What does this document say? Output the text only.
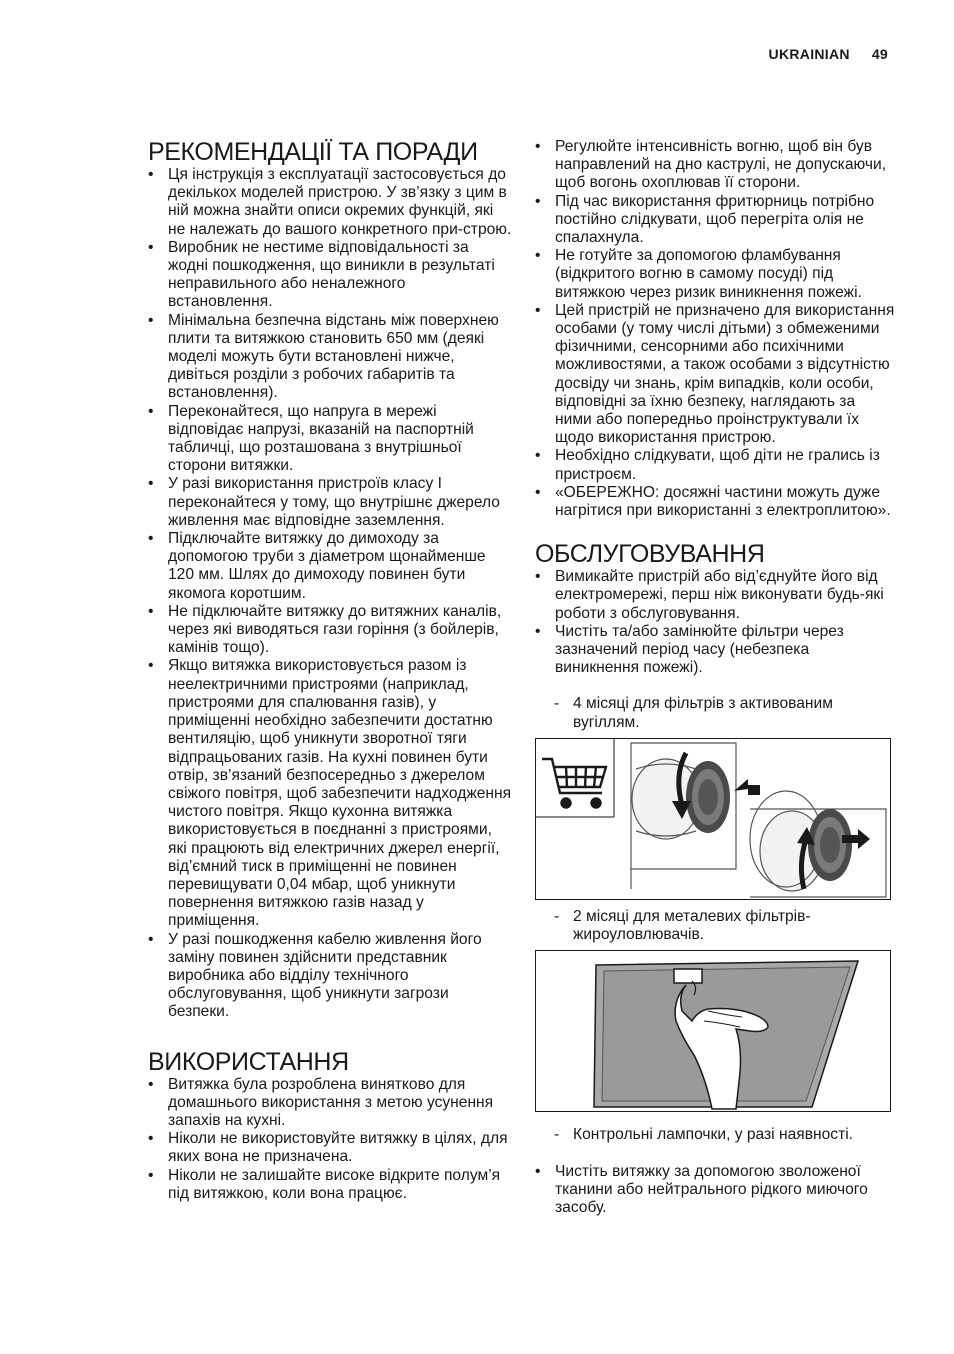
UKRAINIAN 49
РЕКОМЕНДАЦІЇ ТА ПОРАДИ
• Ця інструкція з експлуатації застосовується до декількох моделей пристрою. У зв’язку з цим в ній можна знайти описи окремих функцій, які не належать до вашого конкретного при-строю.
• Виробник не нестиме відповідальності за жодні пошкодження, що виникли в результаті неправильного або неналежного встановлення.
• Мінімальна безпечна відстань між поверхнею плити та витяжкою становить 650 мм (деякі моделі можуть бути встановлені нижче, дивіться розділи з робочих габаритів та встановлення).
• Переконайтеся, що напруга в мережі відповідає напрузі, вказаній на паспортній табличці, що розташована з внутрішньої сторони витяжки.
• У разі використання пристроїв класу I переконайтеся у тому, що внутрішнє джерело живлення має відповідне заземлення.
• Підключайте витяжку до димоходу за допомогою труби з діаметром щонайменше 120 мм. Шлях до димоходу повинен бути якомога коротшим.
• Не підключайте витяжку до витяжних каналів, через які виводяться гази горіння (з бойлерів, камінів тощо).
• Якщо витяжка використовується разом із неелектричними пристроями (наприклад, пристроями для спалювання газів), у приміщенні необхідно забезпечити достатню вентиляцію, щоб уникнути зворотної тяги відпрацьованих газів. На кухні повинен бути отвір, зв’язаний безпосередньо з джерелом свіжого повітря, щоб забезпечити надходження чистого повітря. Якщо кухонна витяжка використовується в поєднанні з пристроями, які працюють від електричних джерел енергії, від’ємний тиск в приміщенні не повинен перевищувати 0,04 мбар, щоб уникнути повернення витяжкою газів назад у приміщення.
• У разі пошкодження кабелю живлення його заміну повинен здійснити представник виробника або відділу технічного обслуговування, щоб уникнути загрози безпеки.
ВИКОРИСТАННЯ
• Витяжка була розроблена винятково для домашнього використання з метою усунення запахів на кухні.
• Ніколи не використовуйте витяжку в цілях, для яких вона не призначена.
• Ніколи не залишайте високе відкрите полум’я під витяжкою, коли вона працює.
• Регулюйте інтенсивність вогню, щоб він був направлений на дно каструлі, не допускаючи, щоб вогонь охоплював її сторони.
• Під час використання фритюрниць потрібно постійно слідкувати, щоб перегріта олія не спалахнула.
• Не готуйте за допомогою фламбування (відкритого вогню в самому посуді) під витяжкою через ризик виникнення пожежі.
• Цей пристрій не призначено для використання особами (у тому числі дітьми) з обмеженими фізичними, сенсорними або психічними можливостями, а також особами з відсутністю досвіду чи знань, крім випадків, коли особи, відповідні за їхню безпеку, наглядають за ними або попередньо проінструктували їх щодо використання пристрою.
• Необхідно слідкувати, щоб діти не грались із пристроєм.
• «ОБЕРЕЖНО: досяжні частини можуть дуже нагрітися при використанні з електроплитою».
ОБСЛУГОВУВАННЯ
• Вимикайте пристрій або від’єднуйте його від електромережі, перш ніж виконувати будь-які роботи з обслуговування.
• Чистіть та/або замінюйте фільтри через зазначений період часу (небезпека виникнення пожежі).
- 4 місяці для фільтрів з активованим вугіллям.
- 2 місяці для металевих фільтрів-жироуловлювачів.
- Контрольні лампочки, у разі наявності.
• Чистіть витяжку за допомогою зволоженої тканини або нейтрального рідкого миючого засобу.
